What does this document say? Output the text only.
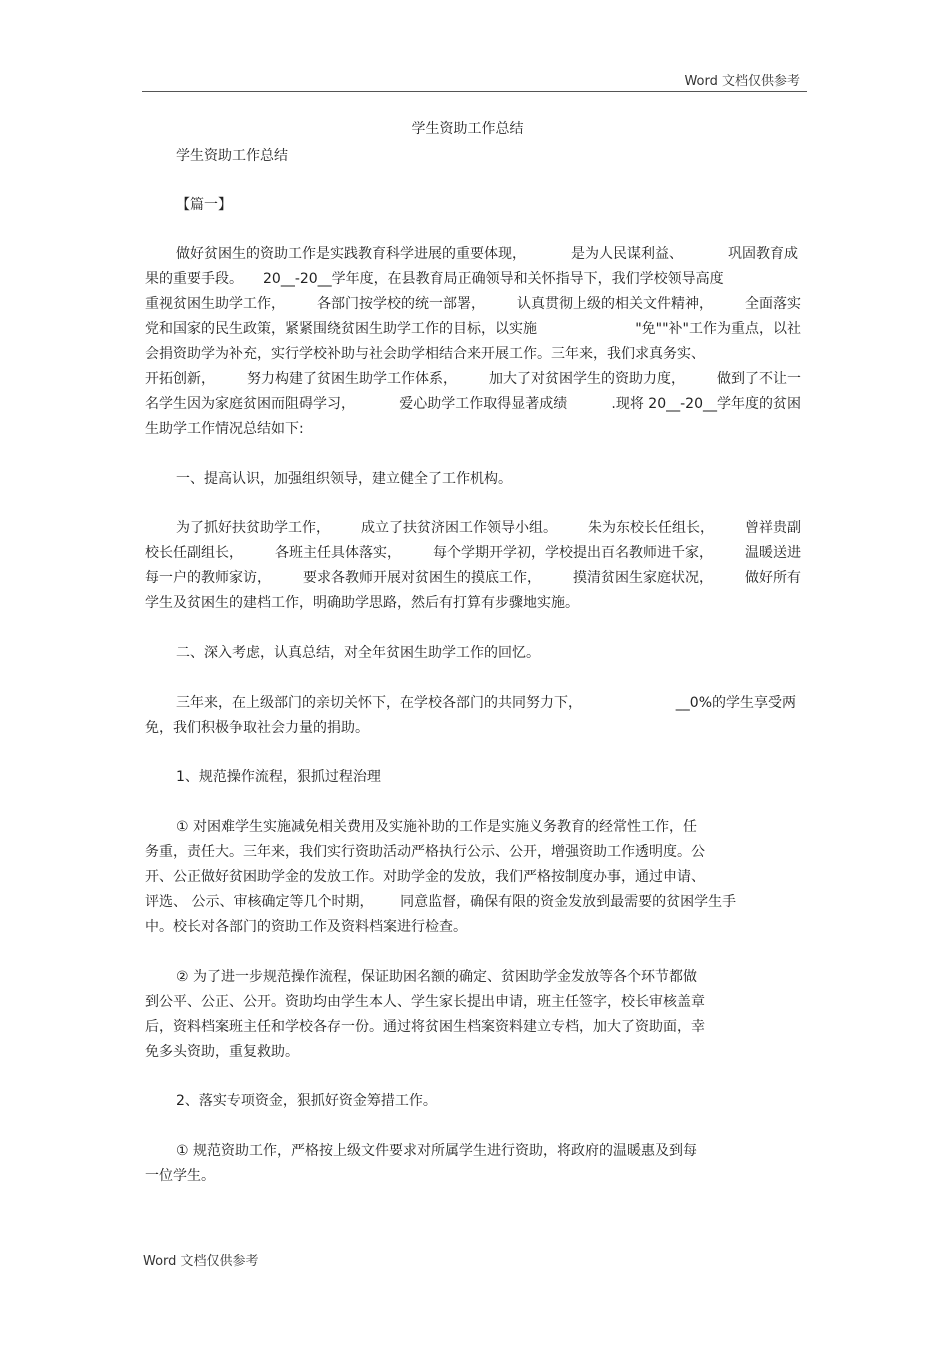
Word 文档仅供参考
学生资助工作总结
学生资助工作总结
【篇一】
做好贫困生的资助工作是实践教育科学进展的重要体现，	是为人民谋利益、	巩固教育成
果的重要手段。 20__-20__学年度，在县教育局正确领导和关怀指导下，我们学校领导高度
重视贫困生助学工作， 各部门按学校的统一部署， 认真贯彻上级的相关文件精神， 全面落实
党和国家的民生政策，紧紧围绕贫困生助学工作的目标，以实施	"免""补"工作为重点，以社
会捐资助学为补充，实行学校补助与社会助学相结合来开展工作。三年来，我们求真务实、
开拓创新， 努力构建了贫困生助学工作体系， 加大了对贫困学生的资助力度， 做到了不让一
名学生因为家庭贫困而阻碍学习，	爱心助学工作取得显著成绩	.现将 20__-20__学年度的贫困
生助学工作情况总结如下:
一、提高认识，加强组织领导，建立健全了工作机构。
为了抓好扶贫助学工作， 成立了扶贫济困工作领导小组。 朱为东校长任组长， 曾祥贵副
校长任副组长， 各班主任具体落实， 每个学期开学初，学校提出百名教师进千家， 温暖送进
每一户的教师家访， 要求各教师开展对贫困生的摸底工作， 摸清贫困生家庭状况， 做好所有
学生及贫困生的建档工作，明确助学思路，然后有打算有步骤地实施。
二、深入考虑，认真总结，对全年贫困生助学工作的回忆。
三年来，在上级部门的亲切关怀下，在学校各部门的共同努力下，	__0%的学生享受两
免，我们积极争取社会力量的捐助。
1、规范操作流程，狠抓过程治理
① 对困难学生实施减免相关费用及实施补助的工作是实施义务教育的经常性工作，任
务重，责任大。三年来，我们实行资助活动严格执行公示、公开，增强资助工作透明度。公
开、公正做好贫困助学金的发放工作。对助学金的发放，我们严格按制度办事，通过申请、
评选、 公示、审核确定等几个时期，      同意监督，确保有限的资金发放到最需要的贫困学生手
中。校长对各部门的资助工作及资料档案进行检查。
② 为了进一步规范操作流程，保证助困名额的确定、贫困助学金发放等各个环节都做
到公平、公正、公开。资助均由学生本人、学生家长提出申请，班主任签字，校长审核盖章
后，资料档案班主任和学校各存一份。通过将贫困生档案资料建立专档，加大了资助面，幸
免多头资助，重复救助。
2、落实专项资金，狠抓好资金筹措工作。
① 规范资助工作，严格按上级文件要求对所属学生进行资助，将政府的温暖惠及到每
一位学生。
Word 文档仅供参考
